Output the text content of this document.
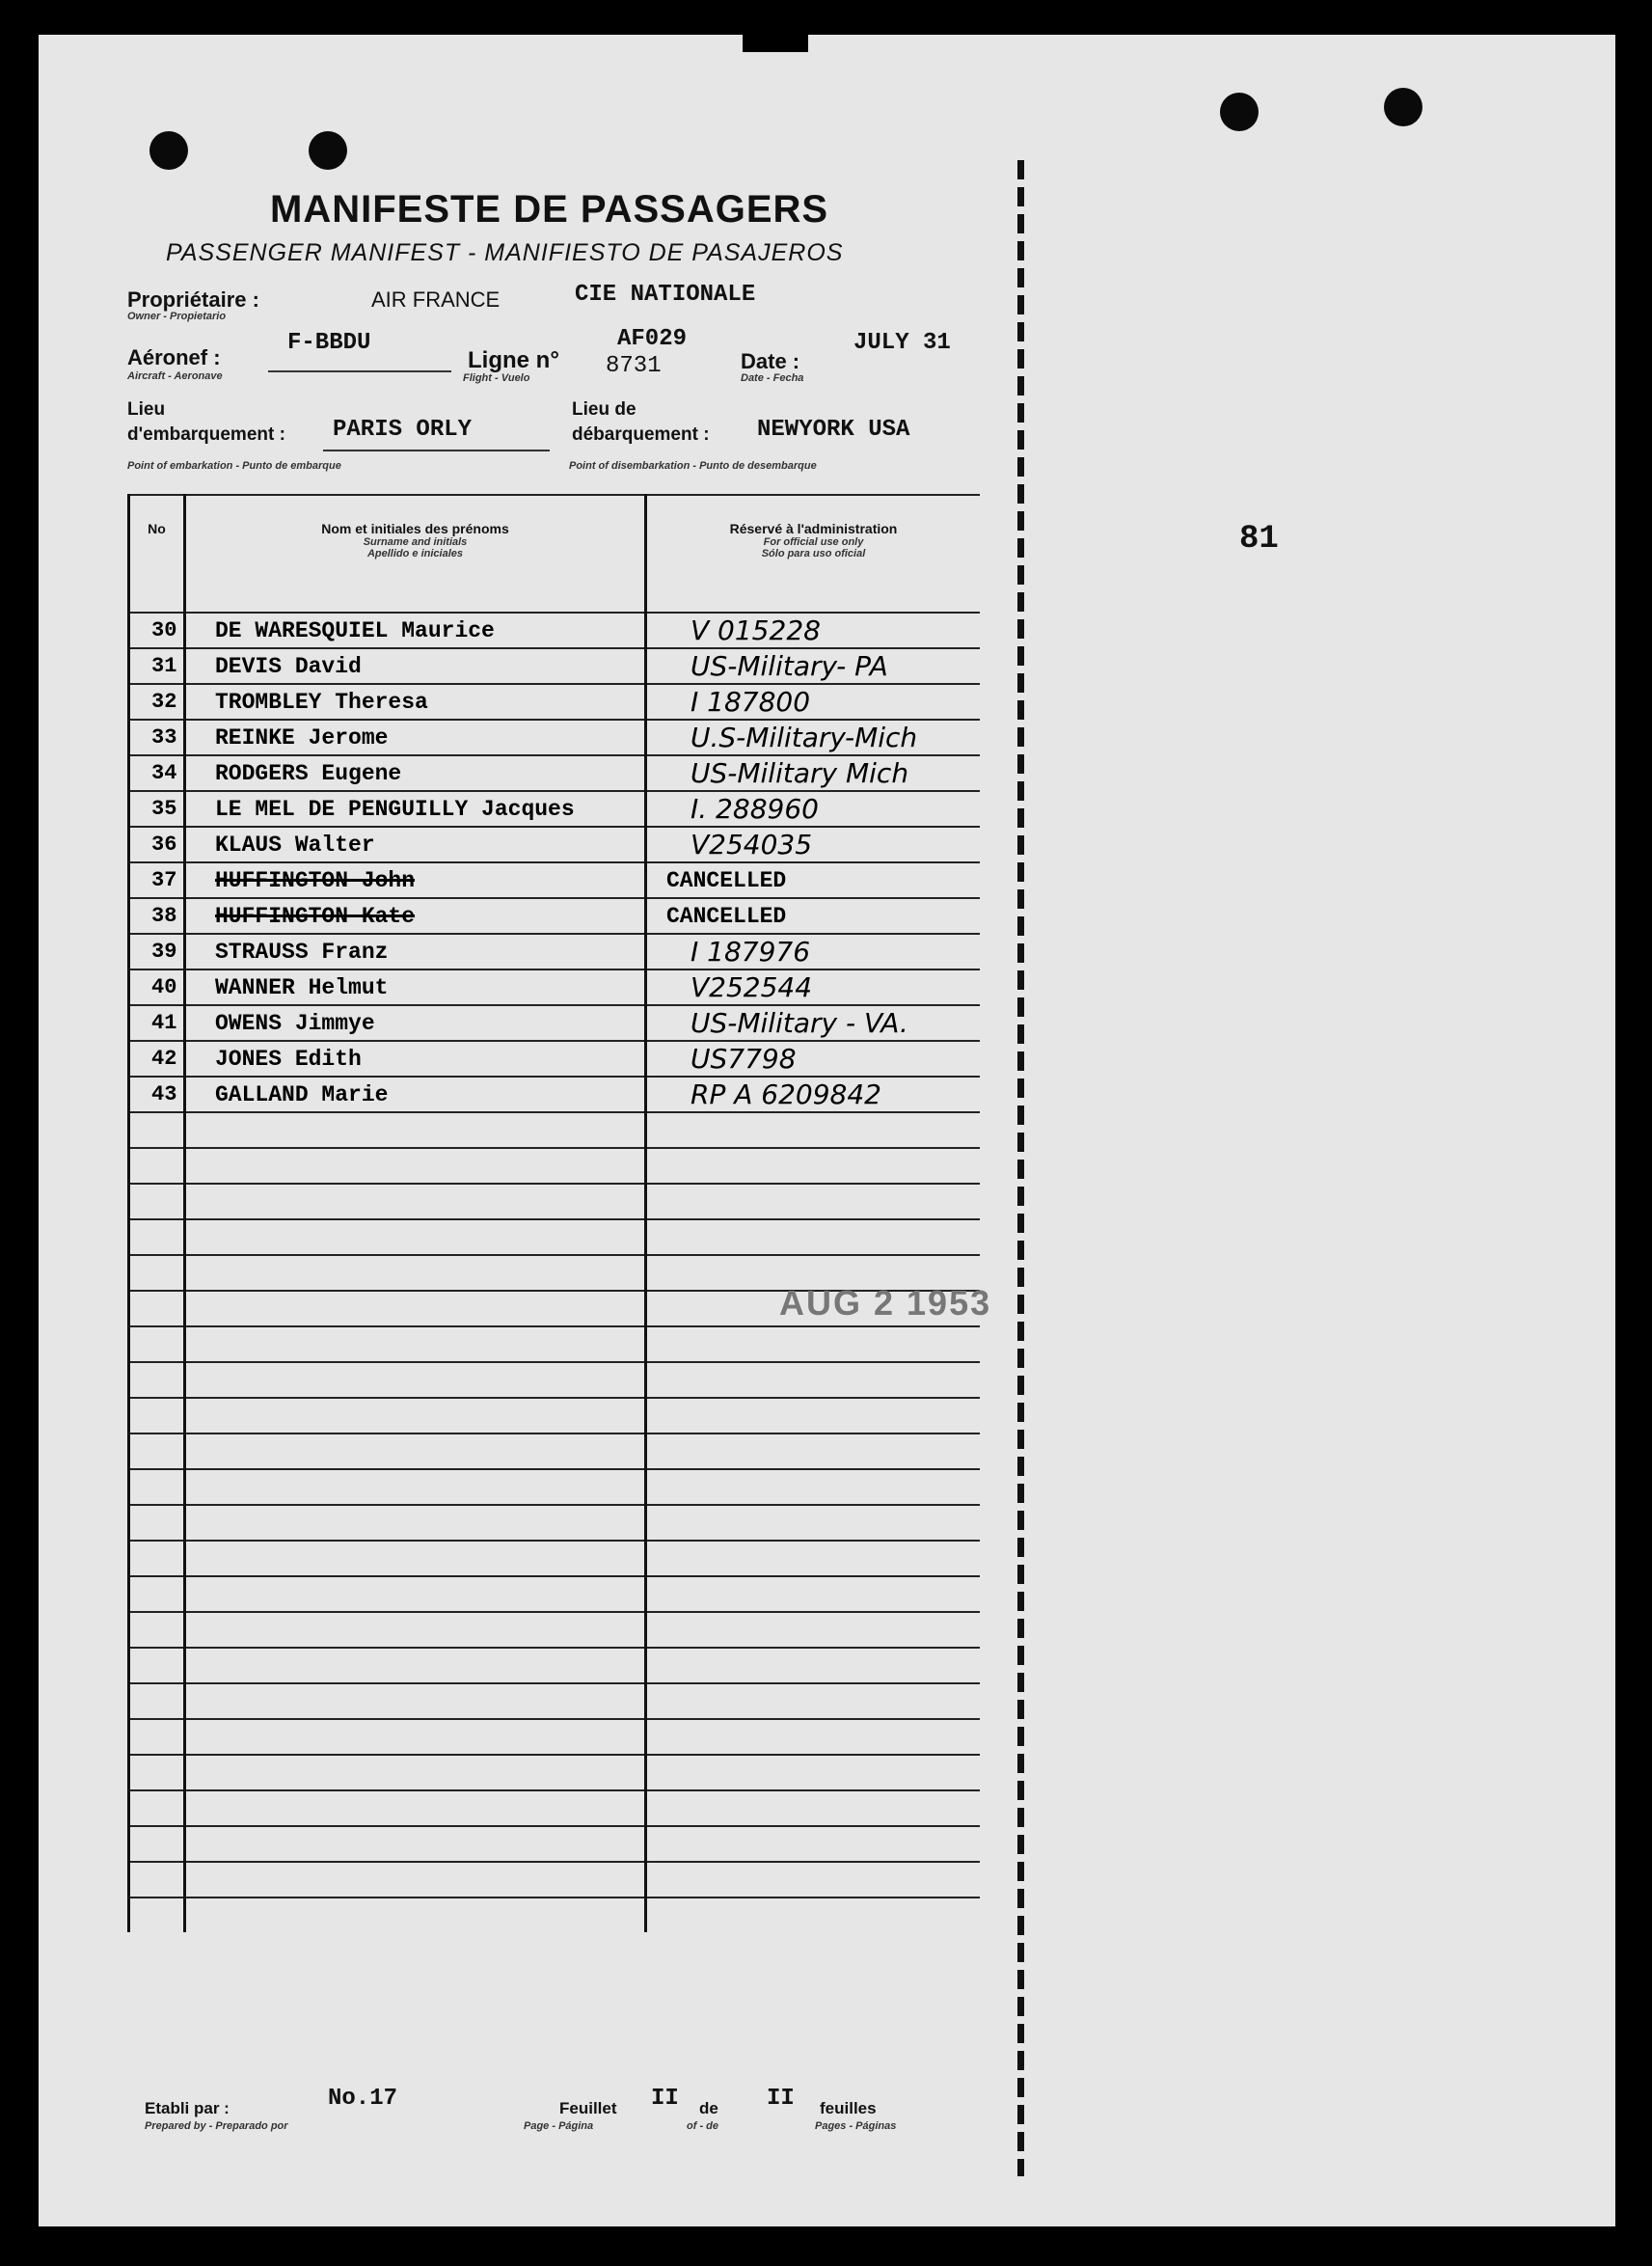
MANIFESTE DE PASSAGERS
PASSENGER MANIFEST - MANIFIESTO DE PASAJEROS
Propriétaire :
Owner - Propietario
AIR FRANCE	CIE NATIONALE
Aéronef :
Aircraft - Aeronave
F-BBDU
Ligne n°
Flight - Vuelo
AF029
8731	Date :
Date - Fecha
JULY 31
Lieu
d'embarquement :
Point of embarkation - Punto de embarque
PARIS ORLY
Lieu de
débarquement :
Point of disembarkation - Punto de desembarque
NEWYORK USA
81
No	Nom et initiales des prénoms
Surname and initials
Apellido e iniciales	Réservé à l'administration
For official use only
Sólo para uso oficial

30	DE WARESQUIEL Maurice	V 015228
31	DEVIS David	US-Military- PA
32	TROMBLEY Theresa	I 187800
33	REINKE Jerome	U.S-Military-Mich
34	RODGERS Eugene	US-Military Mich
35	LE MEL DE PENGUILLY Jacques	I. 288960
36	KLAUS Walter	V254035
37	HUFFINGTON John	CANCELLED
38	HUFFINGTON Kate	CANCELLED
39	STRAUSS Franz	I 187976
40	WANNER Helmut	V252544
41	OWENS Jimmye	US-Military - VA.
42	JONES Edith	US7798
43	GALLAND Marie	RP A 6209842

AUG 2 1953
Etabli par :
Prepared by - Preparado por
No.17	Feuillet
Page - Página
II de
of - de
II feuilles
Pages - Páginas
